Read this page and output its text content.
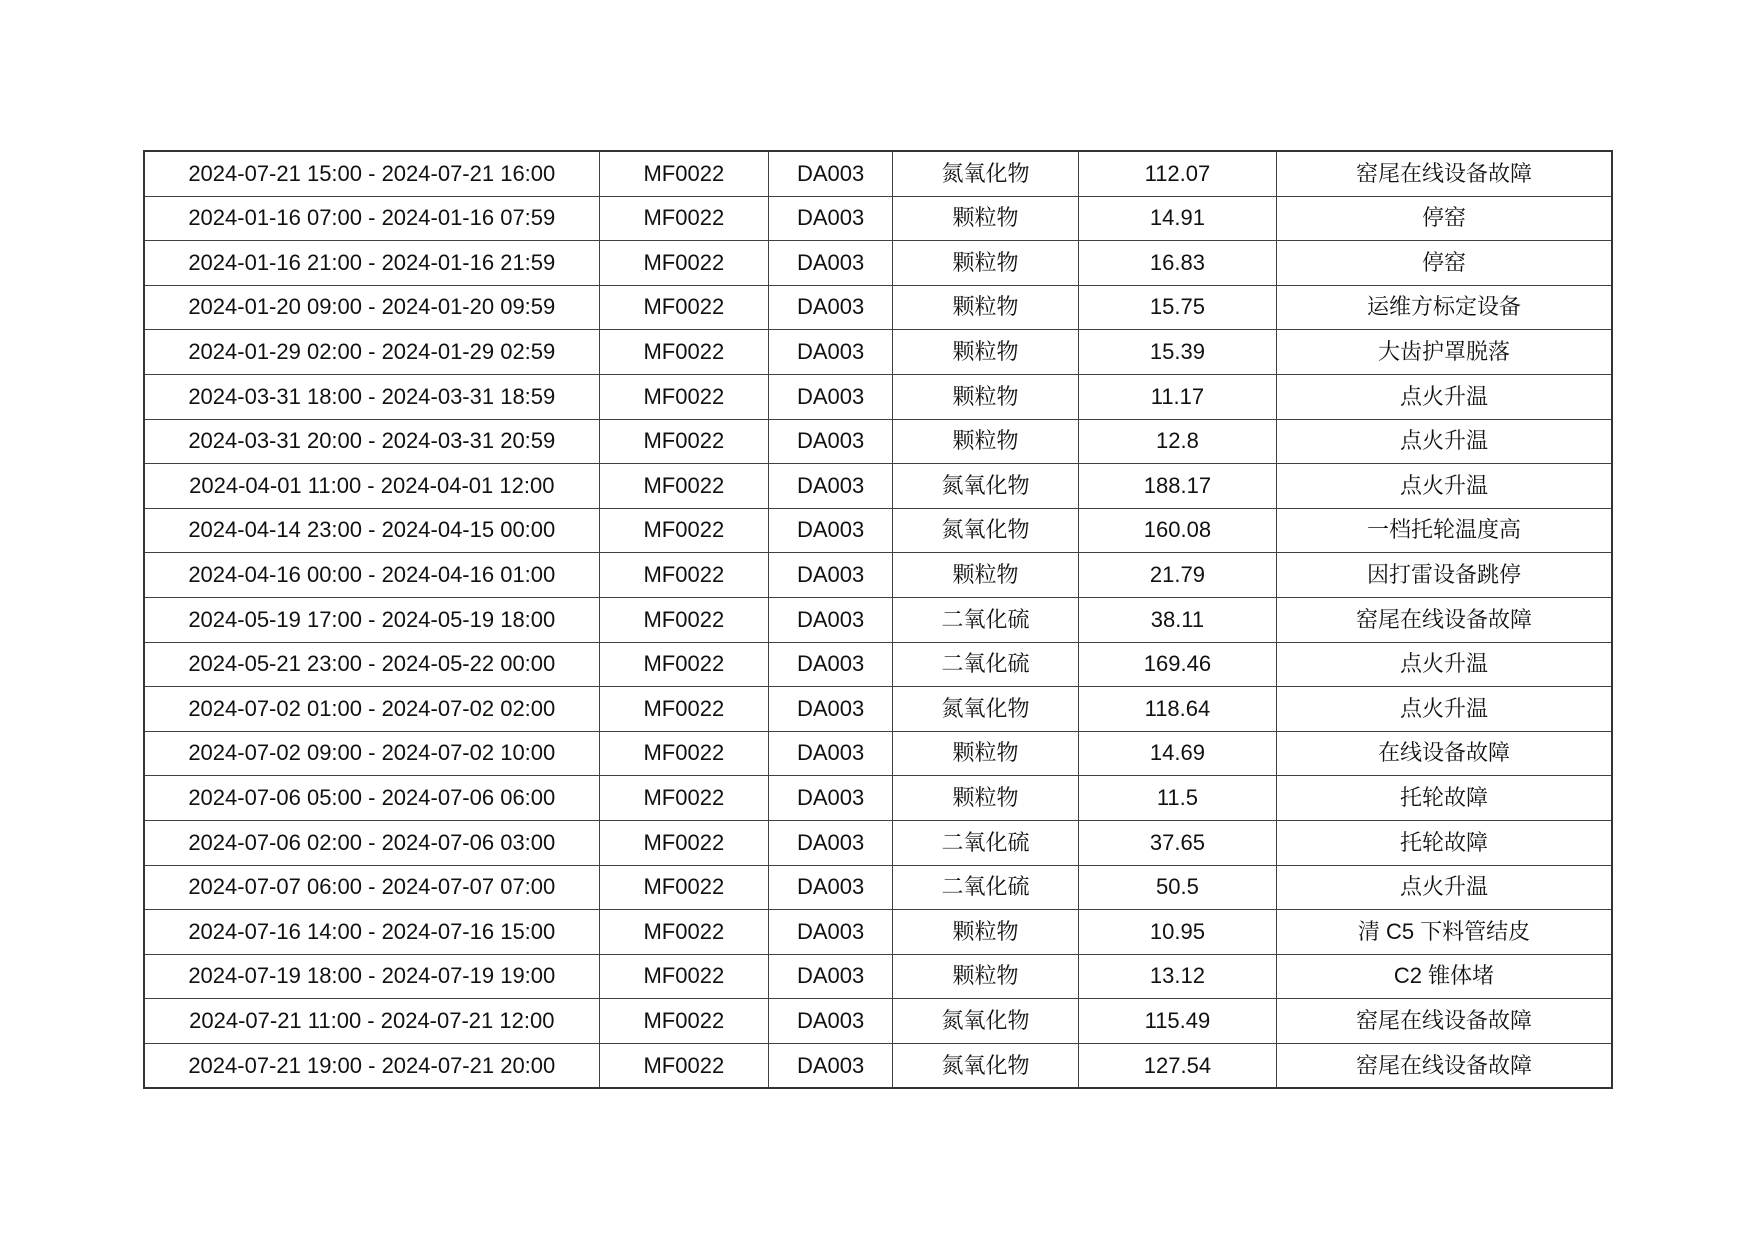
2024-07-21 15:00 - 2024-07-21 16:00	MF0022	DA003	氮氧化物	112.07	窑尾在线设备故障
2024-01-16 07:00 - 2024-01-16 07:59	MF0022	DA003	颗粒物	14.91	停窑
2024-01-16 21:00 - 2024-01-16 21:59	MF0022	DA003	颗粒物	16.83	停窑
2024-01-20 09:00 - 2024-01-20 09:59	MF0022	DA003	颗粒物	15.75	运维方标定设备
2024-01-29 02:00 - 2024-01-29 02:59	MF0022	DA003	颗粒物	15.39	大齿护罩脱落
2024-03-31 18:00 - 2024-03-31 18:59	MF0022	DA003	颗粒物	11.17	点火升温
2024-03-31 20:00 - 2024-03-31 20:59	MF0022	DA003	颗粒物	12.8	点火升温
2024-04-01 11:00 - 2024-04-01 12:00	MF0022	DA003	氮氧化物	188.17	点火升温
2024-04-14 23:00 - 2024-04-15 00:00	MF0022	DA003	氮氧化物	160.08	一档托轮温度高
2024-04-16 00:00 - 2024-04-16 01:00	MF0022	DA003	颗粒物	21.79	因打雷设备跳停
2024-05-19 17:00 - 2024-05-19 18:00	MF0022	DA003	二氧化硫	38.11	窑尾在线设备故障
2024-05-21 23:00 - 2024-05-22 00:00	MF0022	DA003	二氧化硫	169.46	点火升温
2024-07-02 01:00 - 2024-07-02 02:00	MF0022	DA003	氮氧化物	118.64	点火升温
2024-07-02 09:00 - 2024-07-02 10:00	MF0022	DA003	颗粒物	14.69	在线设备故障
2024-07-06 05:00 - 2024-07-06 06:00	MF0022	DA003	颗粒物	11.5	托轮故障
2024-07-06 02:00 - 2024-07-06 03:00	MF0022	DA003	二氧化硫	37.65	托轮故障
2024-07-07 06:00 - 2024-07-07 07:00	MF0022	DA003	二氧化硫	50.5	点火升温
2024-07-16 14:00 - 2024-07-16 15:00	MF0022	DA003	颗粒物	10.95	清 C5 下料管结皮
2024-07-19 18:00 - 2024-07-19 19:00	MF0022	DA003	颗粒物	13.12	C2 锥体堵
2024-07-21 11:00 - 2024-07-21 12:00	MF0022	DA003	氮氧化物	115.49	窑尾在线设备故障
2024-07-21 19:00 - 2024-07-21 20:00	MF0022	DA003	氮氧化物	127.54	窑尾在线设备故障
